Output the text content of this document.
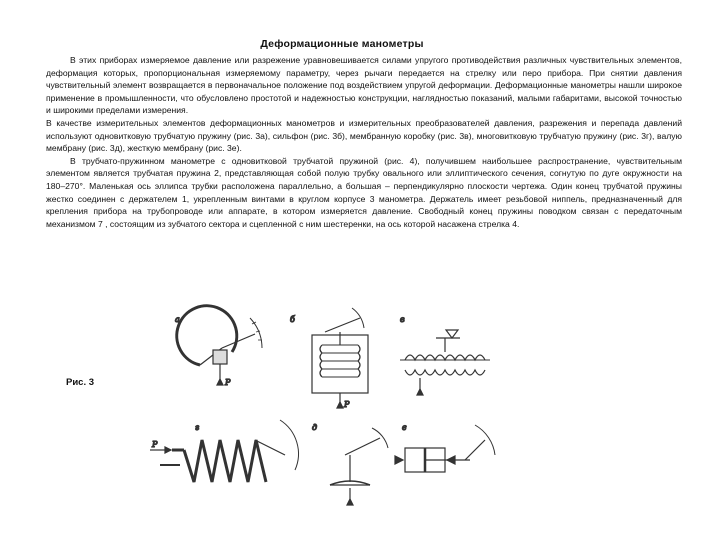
Деформационные манометры

В этих приборах измеряемое давление или разрежение уравновешивается силами упругого противодействия различных чувствительных элементов, деформация которых, пропорциональная измеряемому параметру, через рычаги передается на стрелку или перо прибора. При снятии давления чувствительный элемент возвращается в первоначальное положение под воздействием упругой деформации. Деформационные манометры нашли широкое применение в промышленности, что обусловлено простотой и надежностью конструкции, наглядностью показаний, малыми габаритами, высокой точностью и широкими пределами измерения.

В качестве измерительных элементов деформационных манометров и измерительных преобразователей давления, разрежения и перепада давлений используют одновитковую трубчатую пружину (рис. 3а), сильфон (рис. 3б), мембранную коробку (рис. 3в), многовитковую трубчатую пружину (рис. 3г), валую мембрану (рис. 3д), жесткую мембрану (рис. 3е).

В трубчато-пружинном манометре с одновитковой трубчатой пружиной (рис. 4), получившем наибольшее распространение, чувствительным элементом является трубчатая пружина 2, представляющая собой полую трубку овального или эллиптического сечения, согнутую по дуге окружности на 180–270°. Маленькая ось эллипса трубки расположена параллельно, а большая – перпендикулярно плоскости чертежа. Один конец трубчатой пружины жестко соединен с держателем 1, укрепленным винтами в круглом корпусе 3 манометра. Держатель имеет резьбовой ниппель, предназначенный для крепления прибора на трубопроводе или аппарате, в котором измеряется давление. Свободный конец пружины поводком связан с передаточным механизмом 7 , состоящим из зубчатого сектора и сцепленной с ним шестеренки, на ось которой насажена стрелка 4.

Рис. 3
а
P
б
P
в
г
P
д	е
